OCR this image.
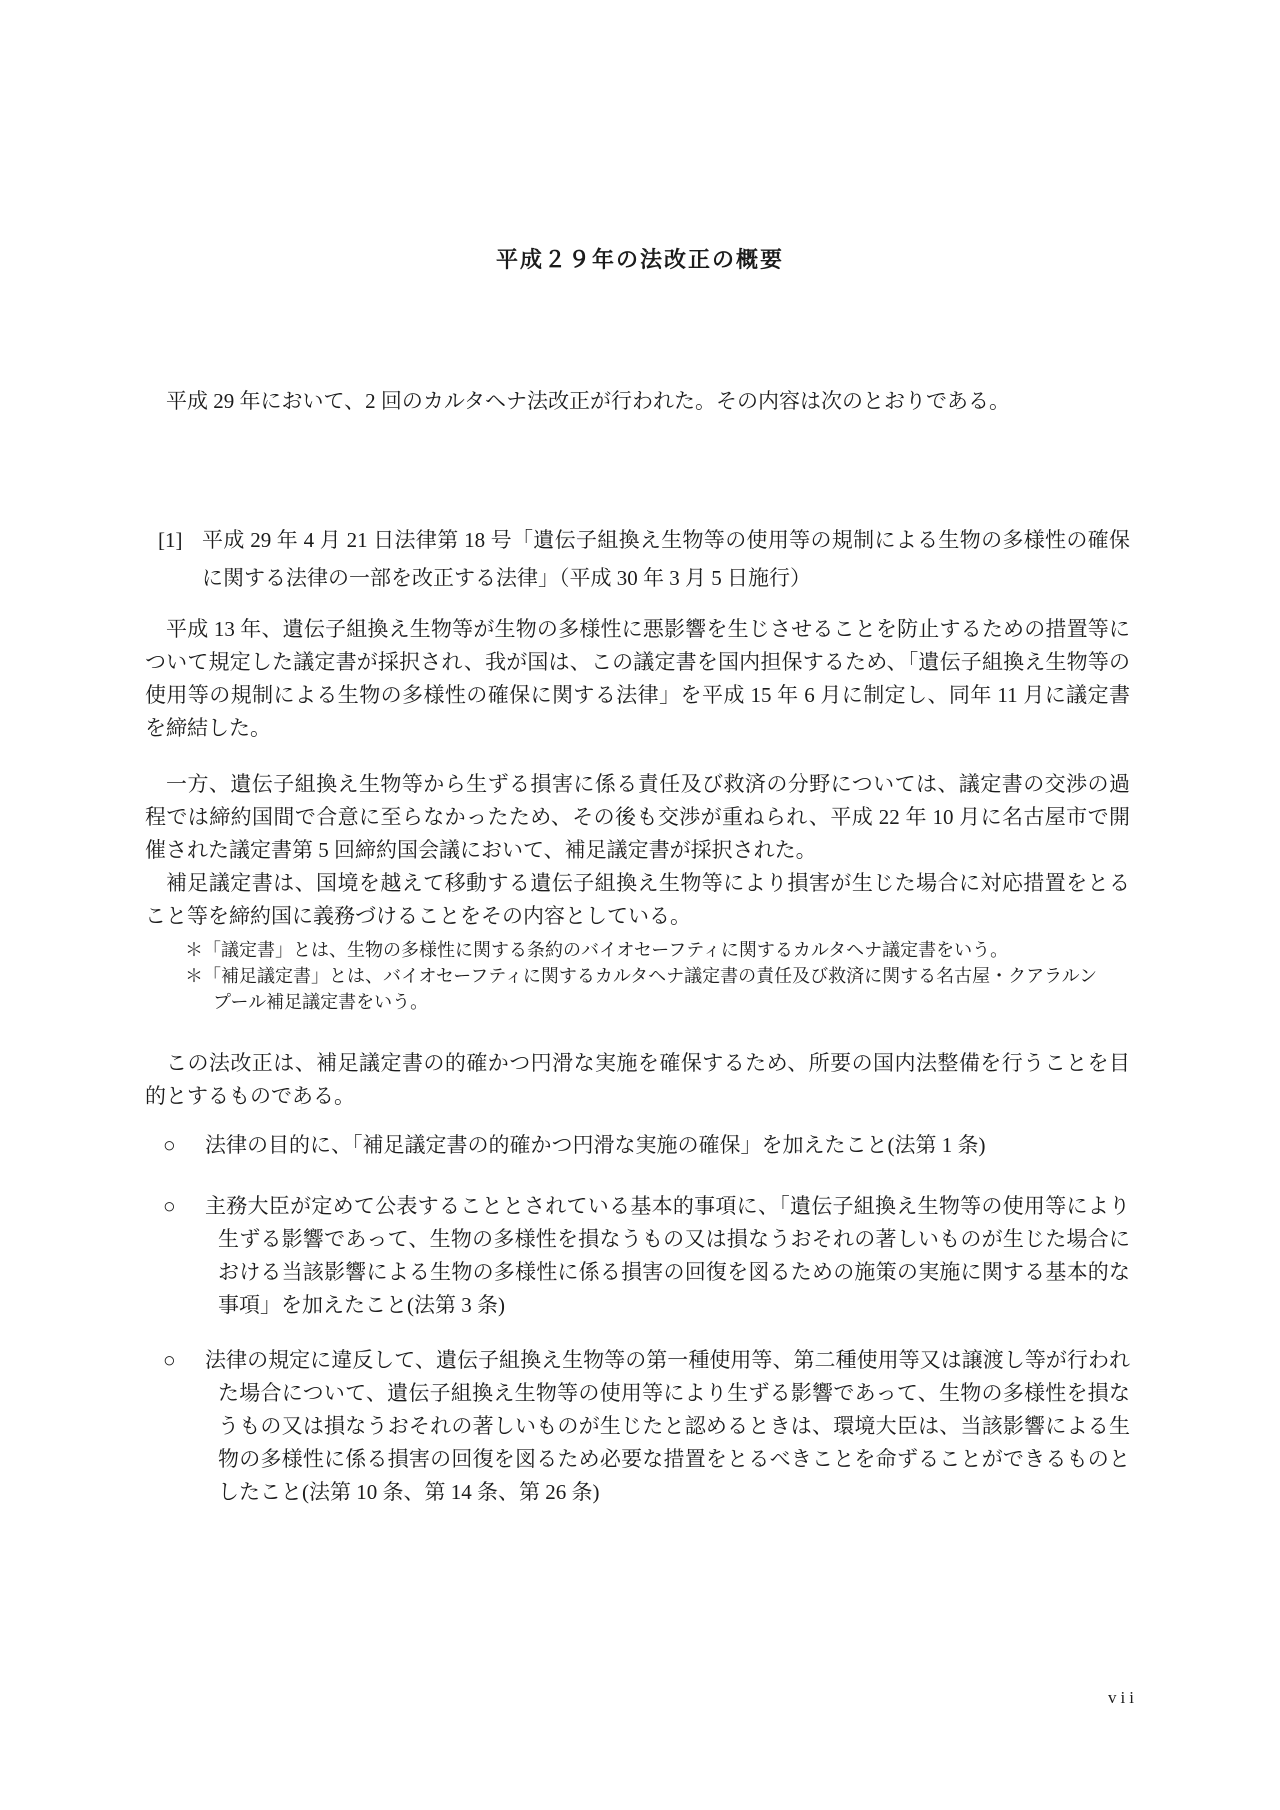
平成２９年の法改正の概要

平成 29 年において、2 回のカルタヘナ法改正が行われた。その内容は次のとおりである。

[1] 平成 29 年 4 月 21 日法律第 18 号「遺伝子組換え生物等の使用等の規制による生物の多様性の確保に関する法律の一部を改正する法律」（平成 30 年 3 月 5 日施行）

平成 13 年、遺伝子組換え生物等が生物の多様性に悪影響を生じさせることを防止するための措置等について規定した議定書が採択され、我が国は、この議定書を国内担保するため、「遺伝子組換え生物等の使用等の規制による生物の多様性の確保に関する法律」を平成 15 年 6 月に制定し、同年 11 月に議定書を締結した。

一方、遺伝子組換え生物等から生ずる損害に係る責任及び救済の分野については、議定書の交渉の過程では締約国間で合意に至らなかったため、その後も交渉が重ねられ、平成 22 年 10 月に名古屋市で開催された議定書第 5 回締約国会議において、補足議定書が採択された。

補足議定書は、国境を越えて移動する遺伝子組換え生物等により損害が生じた場合に対応措置をとること等を締約国に義務づけることをその内容としている。

＊「議定書」とは、生物の多様性に関する条約のバイオセーフティに関するカルタヘナ議定書をいう。
＊「補足議定書」とは、バイオセーフティに関するカルタヘナ議定書の責任及び救済に関する名古屋・クアラルンプール補足議定書をいう。

この法改正は、補足議定書の的確かつ円滑な実施を確保するため、所要の国内法整備を行うことを目的とするものである。

○	法律の目的に、「補足議定書の的確かつ円滑な実施の確保」を加えたこと(法第 1 条)
○	主務大臣が定めて公表することとされている基本的事項に、「遺伝子組換え生物等の使用等により生ずる影響であって、生物の多様性を損なうもの又は損なうおそれの著しいものが生じた場合における当該影響による生物の多様性に係る損害の回復を図るための施策の実施に関する基本的な事項」を加えたこと(法第 3 条)
○	法律の規定に違反して、遺伝子組換え生物等の第一種使用等、第二種使用等又は譲渡し等が行われた場合について、遺伝子組換え生物等の使用等により生ずる影響であって、生物の多様性を損なうもの又は損なうおそれの著しいものが生じたと認めるときは、環境大臣は、当該影響による生物の多様性に係る損害の回復を図るため必要な措置をとるべきことを命ずることができるものとしたこと(法第 10 条、第 14 条、第 26 条)
vii
